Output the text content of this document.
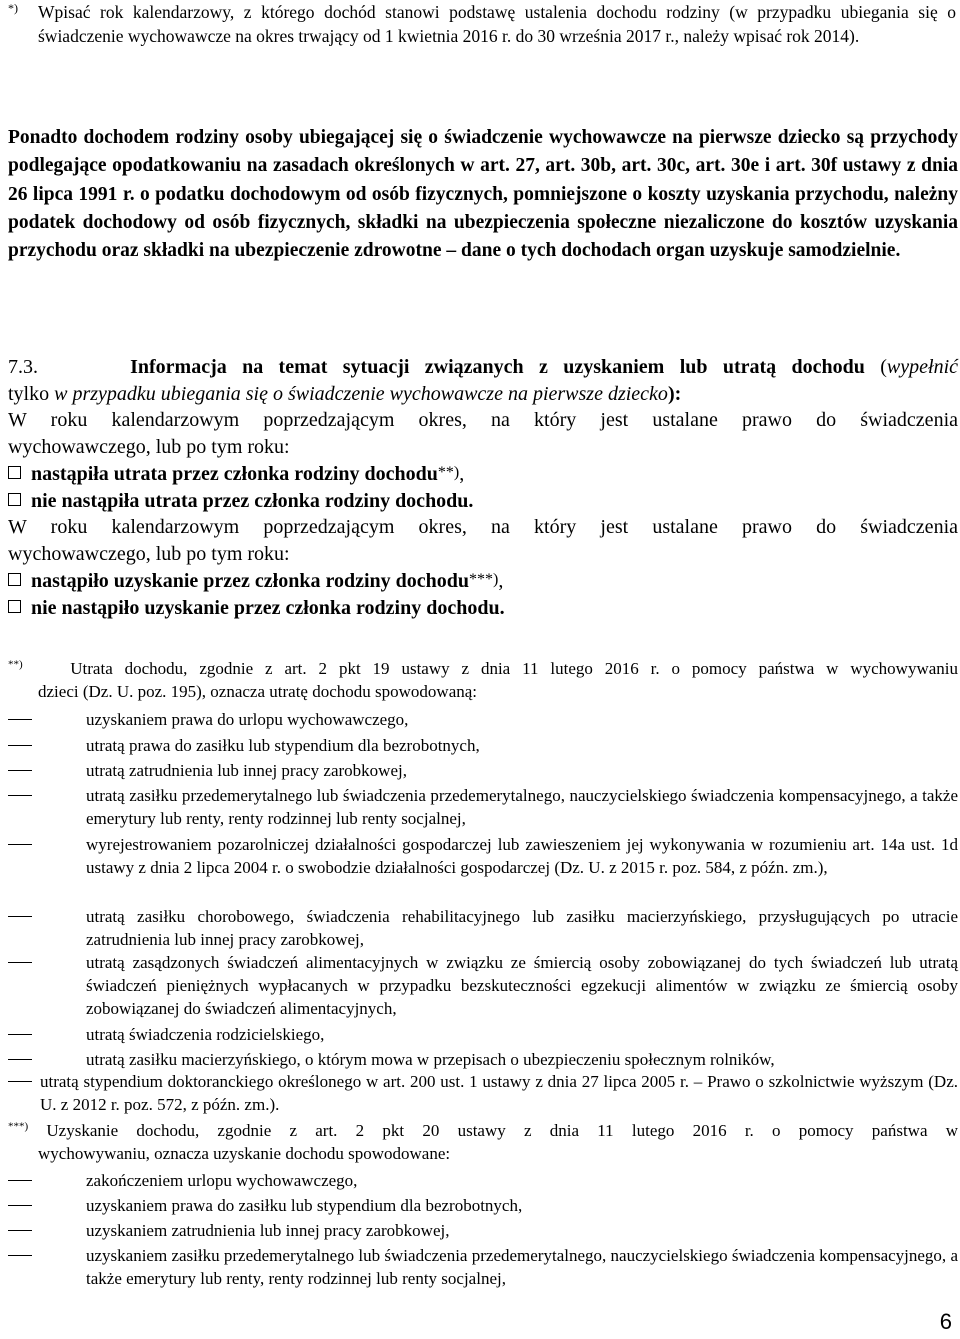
*) Wpisać rok kalendarzowy, z którego dochód stanowi podstawę ustalenia dochodu rodziny (w przypadku ubiegania się o świadczenie wychowawcze na okres trwający od 1 kwietnia 2016 r. do 30 września 2017 r., należy wpisać rok 2014).
Ponadto dochodem rodziny osoby ubiegającej się o świadczenie wychowawcze na pierwsze dziecko są przychody podlegające opodatkowaniu na zasadach określonych w art. 27, art. 30b, art. 30c, art. 30e i art. 30f ustawy z dnia 26 lipca 1991 r. o podatku dochodowym od osób fizycznych, pomniejszone o koszty uzyskania przychodu, należny podatek dochodowy od osób fizycznych, składki na ubezpieczenia społeczne niezaliczone do kosztów uzyskania przychodu oraz składki na ubezpieczenie zdrowotne – dane o tych dochodach organ uzyskuje samodzielnie.
7.3.	Informacja na temat sytuacji związanych z uzyskaniem lub utratą dochodu (wypełnić
tylko w przypadku ubiegania się o świadczenie wychowawcze na pierwsze dziecko):
W roku kalendarzowym poprzedzającym okres, na który jest ustalane prawo do świadczenia
wychowawczego, lub po tym roku:
nastąpiła utrata przez członka rodziny dochodu**),
nie nastąpiła utrata przez członka rodziny dochodu.
W roku kalendarzowym poprzedzającym okres, na który jest ustalane prawo do świadczenia
wychowawczego, lub po tym roku:
nastąpiło uzyskanie przez członka rodziny dochodu***),
nie nastąpiło uzyskanie przez członka rodziny dochodu.
**)	Utrata dochodu, zgodnie z art. 2 pkt 19 ustawy z dnia 11 lutego 2016 r. o pomocy państwa w wychowywaniu
dzieci (Dz. U. poz. 195), oznacza utratę dochodu spowodowaną:
uzyskaniem prawa do urlopu wychowawczego,
utratą prawa do zasiłku lub stypendium dla bezrobotnych,
utratą zatrudnienia lub innej pracy zarobkowej,
utratą zasiłku przedemerytalnego lub świadczenia przedemerytalnego, nauczycielskiego świadczenia kompensacyjnego, a także emerytury lub renty, renty rodzinnej lub renty socjalnej,
wyrejestrowaniem pozarolniczej działalności gospodarczej lub zawieszeniem jej wykonywania w rozumieniu art. 14a ust. 1d ustawy z dnia 2 lipca 2004 r. o swobodzie działalności gospodarczej (Dz. U. z 2015 r. poz. 584, z późn. zm.),
utratą zasiłku chorobowego, świadczenia rehabilitacyjnego lub zasiłku macierzyńskiego, przysługujących po utracie zatrudnienia lub innej pracy zarobkowej,
utratą zasądzonych świadczeń alimentacyjnych w związku ze śmiercią osoby zobowiązanej do tych świadczeń lub utratą świadczeń pieniężnych wypłacanych w przypadku bezskuteczności egzekucji alimentów w związku ze śmiercią osoby zobowiązanej do świadczeń alimentacyjnych,
utratą świadczenia rodzicielskiego,
utratą zasiłku macierzyńskiego, o którym mowa w przepisach o ubezpieczeniu społecznym rolników,
utratą stypendium doktoranckiego określonego w art. 200 ust. 1 ustawy z dnia 27 lipca 2005 r. – Prawo o szkolnictwie wyższym (Dz. U. z 2012 r. poz. 572, z późn. zm.).
***) Uzyskanie dochodu, zgodnie z art. 2 pkt 20 ustawy z dnia 11 lutego 2016 r. o pomocy państwa w
wychowywaniu, oznacza uzyskanie dochodu spowodowane:
zakończeniem urlopu wychowawczego,
uzyskaniem prawa do zasiłku lub stypendium dla bezrobotnych,
uzyskaniem zatrudnienia lub innej pracy zarobkowej,
uzyskaniem zasiłku przedemerytalnego lub świadczenia przedemerytalnego, nauczycielskiego świadczenia kompensacyjnego, a także emerytury lub renty, renty rodzinnej lub renty socjalnej,
6
